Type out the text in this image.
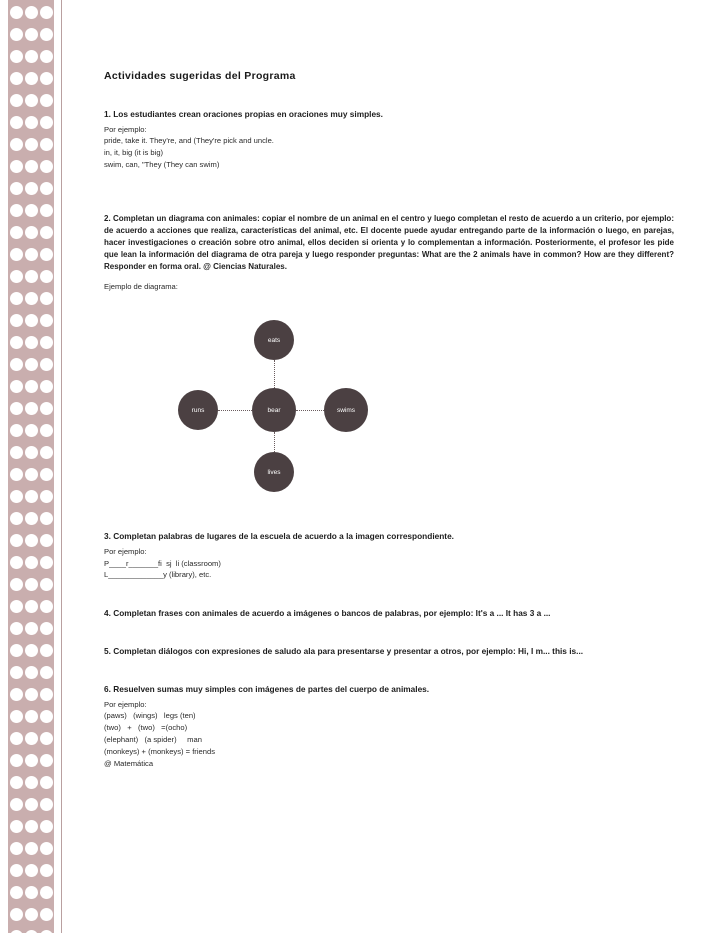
Actividades sugeridas del Programa

1. Los estudiantes crean oraciones propias en oraciones muy simples.

Por ejemplo:

pride, take it. They're, and (They're pick and uncle.
in, it, big (it is big)
swim, can, "They (They can swim)

2. Completan un diagrama con animales: copiar el nombre de un animal en el centro y luego completan el resto de acuerdo a un criterio, por ejemplo: de acuerdo a acciones que realiza, características del animal, etc. El docente puede ayudar entregando parte de la información o luego, en parejas, hacer investigaciones o creación sobre otro animal, ellos deciden si orienta y lo complementan a información. Posteriormente, el profesor les pide que lean la información del diagrama de otra pareja y luego responder preguntas: What are the 2 animals have in common? How are they different? Responder en forma oral. @ Ciencias Naturales.

Ejemplo de diagrama:

eats
runs	bear	swims
lives

3. Completan palabras de lugares de la escuela de acuerdo a la imagen correspondiente.

Por ejemplo:

P____r_______fi  sj  li (classroom)
L_____________y (library), etc.

4. Completan frases con animales de acuerdo a imágenes o bancos de palabras, por ejemplo: It's a ... It has 3 a ...

5. Completan diálogos con expresiones de saludo ala para presentarse y presentar a otros, por ejemplo: Hi, I m... this is...

6. Resuelven sumas muy simples con imágenes de partes del cuerpo de animales.

Por ejemplo:

(paws)   (wings)   legs (ten)
(two)   +   (two)   =(ocho)
(elephant)   (a spider)     man
(monkeys) + (monkeys) = friends
@ Matemática
